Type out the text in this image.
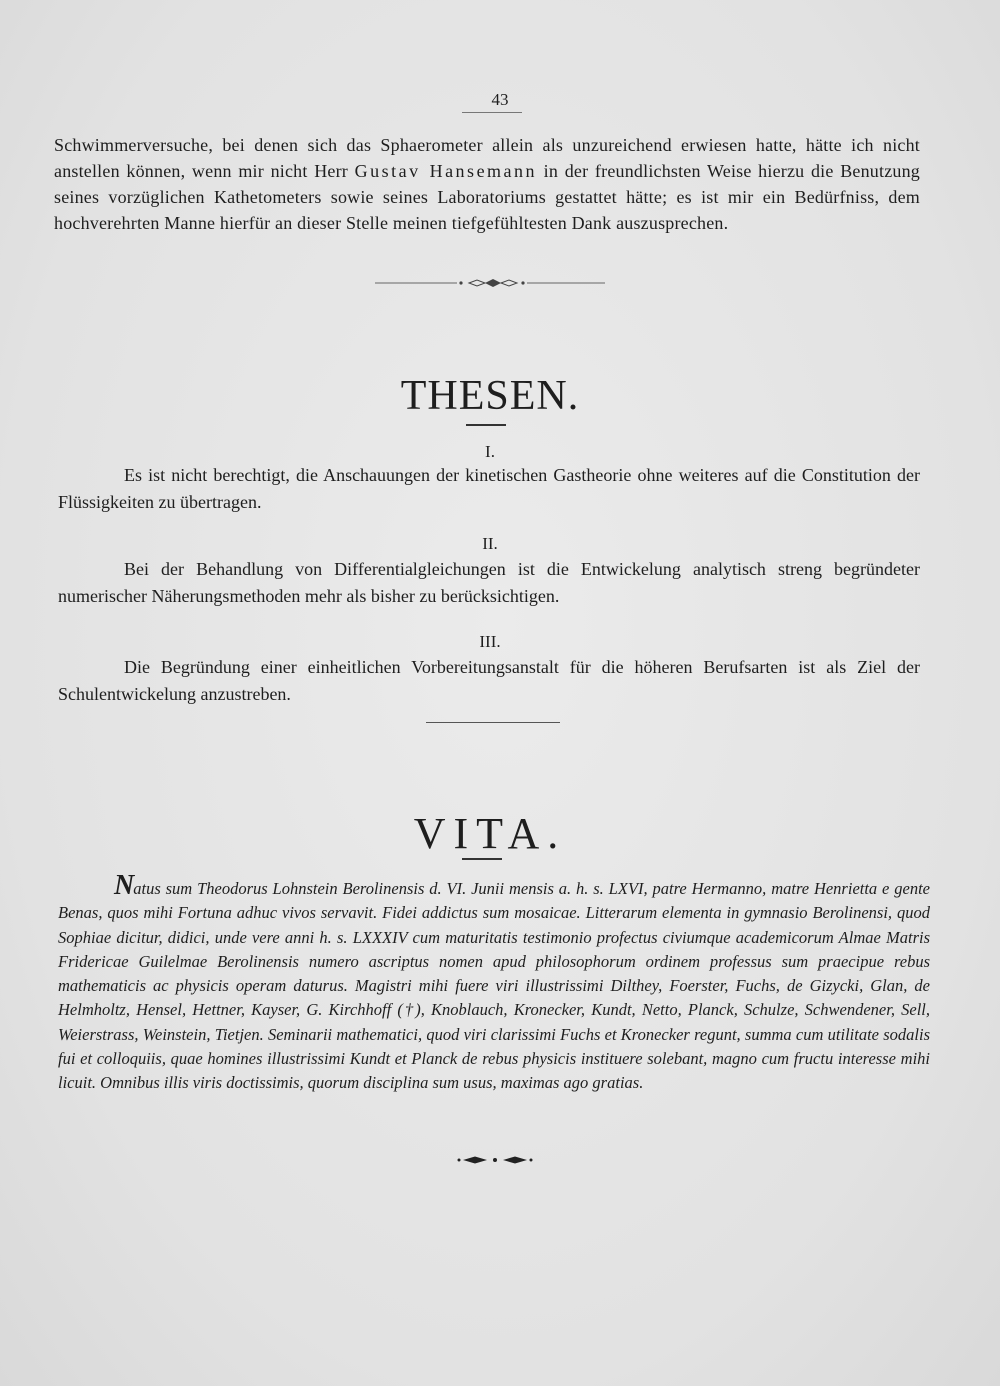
43

Schwimmerversuche, bei denen sich das Sphaerometer allein als unzureichend erwiesen hatte, hätte ich nicht anstellen können, wenn mir nicht Herr Gustav Hansemann in der freundlichsten Weise hierzu die Benutzung seines vorzüglichen Kathetometers sowie seines Laboratoriums gestattet hätte; es ist mir ein Bedürfniss, dem hochverehrten Manne hierfür an dieser Stelle meinen tiefgefühltesten Dank auszusprechen.

THESEN.
I.

Es ist nicht berechtigt, die Anschauungen der kinetischen Gastheorie ohne weiteres auf die Constitution der Flüssigkeiten zu übertragen.

II.

Bei der Behandlung von Differentialgleichungen ist die Entwickelung analytisch streng begründeter numerischer Näherungsmethoden mehr als bisher zu berücksichtigen.

III.

Die Begründung einer einheitlichen Vorbereitungsanstalt für die höheren Berufsarten ist als Ziel der Schulentwickelung anzustreben.

VITA.

Natus sum Theodorus Lohnstein Berolinensis d. VI. Junii mensis a. h. s. LXVI, patre Hermanno, matre Henrietta e gente Benas, quos mihi Fortuna adhuc vivos servavit. Fidei addictus sum mosaicae. Litterarum elementa in gymnasio Berolinensi, quod Sophiae dicitur, didici, unde vere anni h. s. LXXXIV cum maturitatis testimonio profectus civiumque academicorum Almae Matris Fridericae Guilelmae Berolinensis numero ascriptus nomen apud philosophorum ordinem professus sum praecipue rebus mathematicis ac physicis operam daturus. Magistri mihi fuere viri illustrissimi Dilthey, Foerster, Fuchs, de Gizycki, Glan, de Helmholtz, Hensel, Hettner, Kayser, G. Kirchhoff (†), Knoblauch, Kronecker, Kundt, Netto, Planck, Schulze, Schwendener, Sell, Weierstrass, Weinstein, Tietjen. Seminarii mathematici, quod viri clarissimi Fuchs et Kronecker regunt, summa cum utilitate sodalis fui et colloquiis, quae homines illustrissimi Kundt et Planck de rebus physicis instituere solebant, magno cum fructu interesse mihi licuit. Omnibus illis viris doctissimis, quorum disciplina sum usus, maximas ago gratias.
